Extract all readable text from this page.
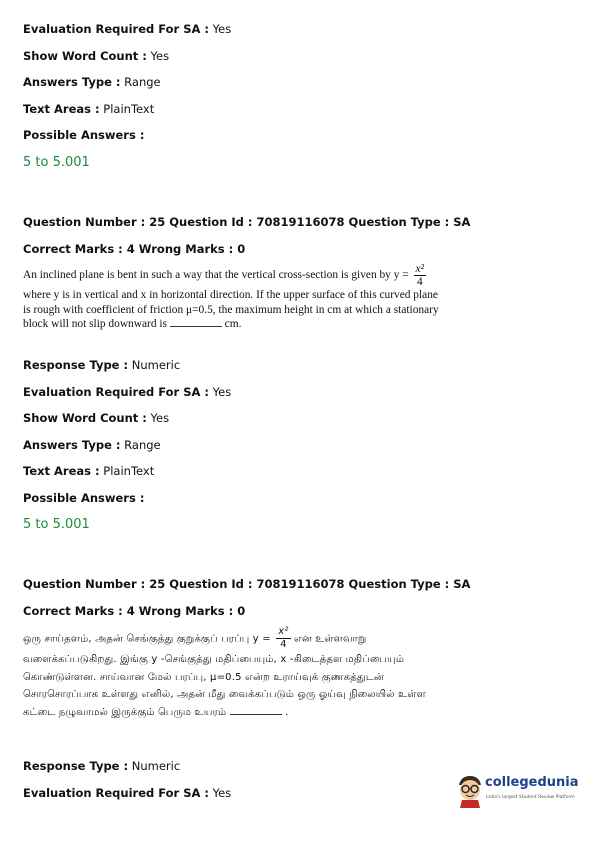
Evaluation Required For SA : Yes
Show Word Count : Yes
Answers Type : Range
Text Areas : PlainText
Possible Answers :
5 to 5.001
Question Number : 25 Question Id : 70819116078 Question Type : SA
Correct Marks : 4 Wrong Marks : 0
An inclined plane is bent in such a way that the vertical cross-section is given by $y = \frac{\text{x²}}{4}$
where y is in vertical and x in horizontal direction. If the upper surface of this curved plane
is rough with coefficient of friction μ=0.5, the maximum height in cm at which a stationary
block will not slip downward is	cm.
Response Type : Numeric
Evaluation Required For SA : Yes
Show Word Count : Yes
Answers Type : Range
Text Areas : PlainText
Possible Answers :
5 to 5.001
Question Number : 25 Question Id : 70819116078 Question Type : SA
Correct Marks : 4 Wrong Marks : 0
ஒரு சாய்தளம், அதன் செங்குத்து குறுக்குப் பரப்பு $y = \frac{\text{x²}}{4}$ என உள்ளவாறு
வளைக்கப்படுகிறது. இங்கு y -செங்குத்து மதிப்பையும், x -கிடைத்தள மதிப்பையும்
கொண்டுள்ளன. சாய்வான மேல் பரப்பு, μ=0.5 என்ற உராய்வுக் குணகத்துடன்
சொரசொரப்பாக உள்ளது எனில், அதன் மீது வைக்கப்படும் ஒரு ஓய்வு நிலையில் உள்ள
கட்டை நழுவாமல் இருக்கும் பெரும உயரம்	.
Response Type : Numeric
Evaluation Required For SA : Yes
collegedunia
India's largest Student Review Platform
